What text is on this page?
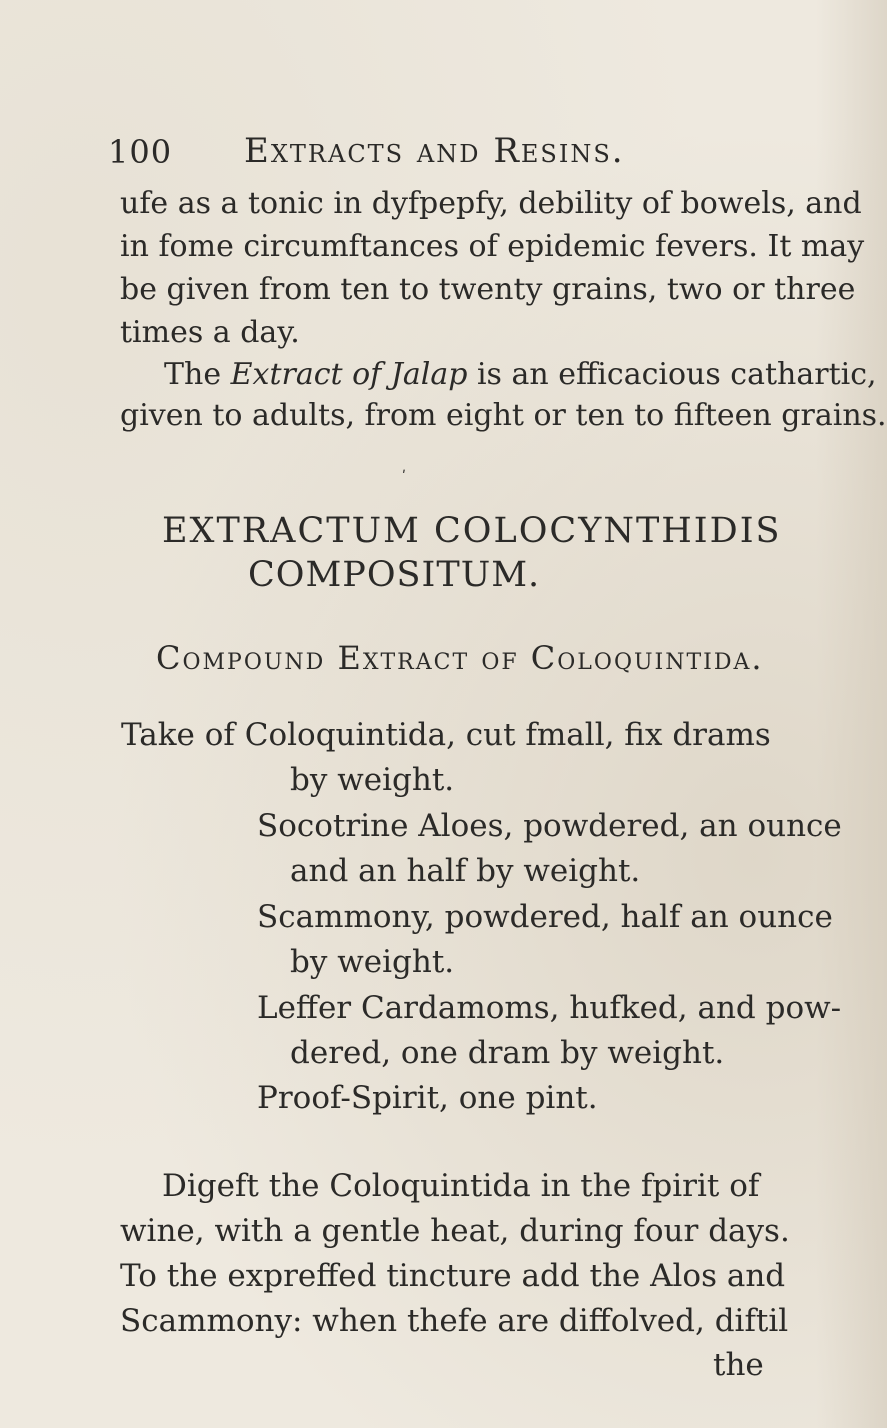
100 Extracts and Resins.
ufe as a tonic in dyfpepfy, debility of bowels, and
in fome circumftances of epidemic fevers. It may
be given from ten to twenty grains, two or three
times a day.
The Extract of Jalap is an efficacious cathartic,
given to adults, from eight or ten to fifteen grains.
ʹ
EXTRACTUM COLOCYNTHIDIS
COMPOSITUM.
Compound Extract of Coloquintida.
Take of Coloquintida, cut fmall, fix drams
by weight.
Socotrine Aloes, powdered, an ounce
and an half by weight.
Scammony, powdered, half an ounce
by weight.
Leffer Cardamoms, hufked, and pow-
dered, one dram by weight.
Proof-Spirit, one pint.
Digeft the Coloquintida in the fpirit of
wine, with a gentle heat, during four days.
To the expreffed tincture add the Alos and
Scammony: when thefe are diffolved, diftil
the
